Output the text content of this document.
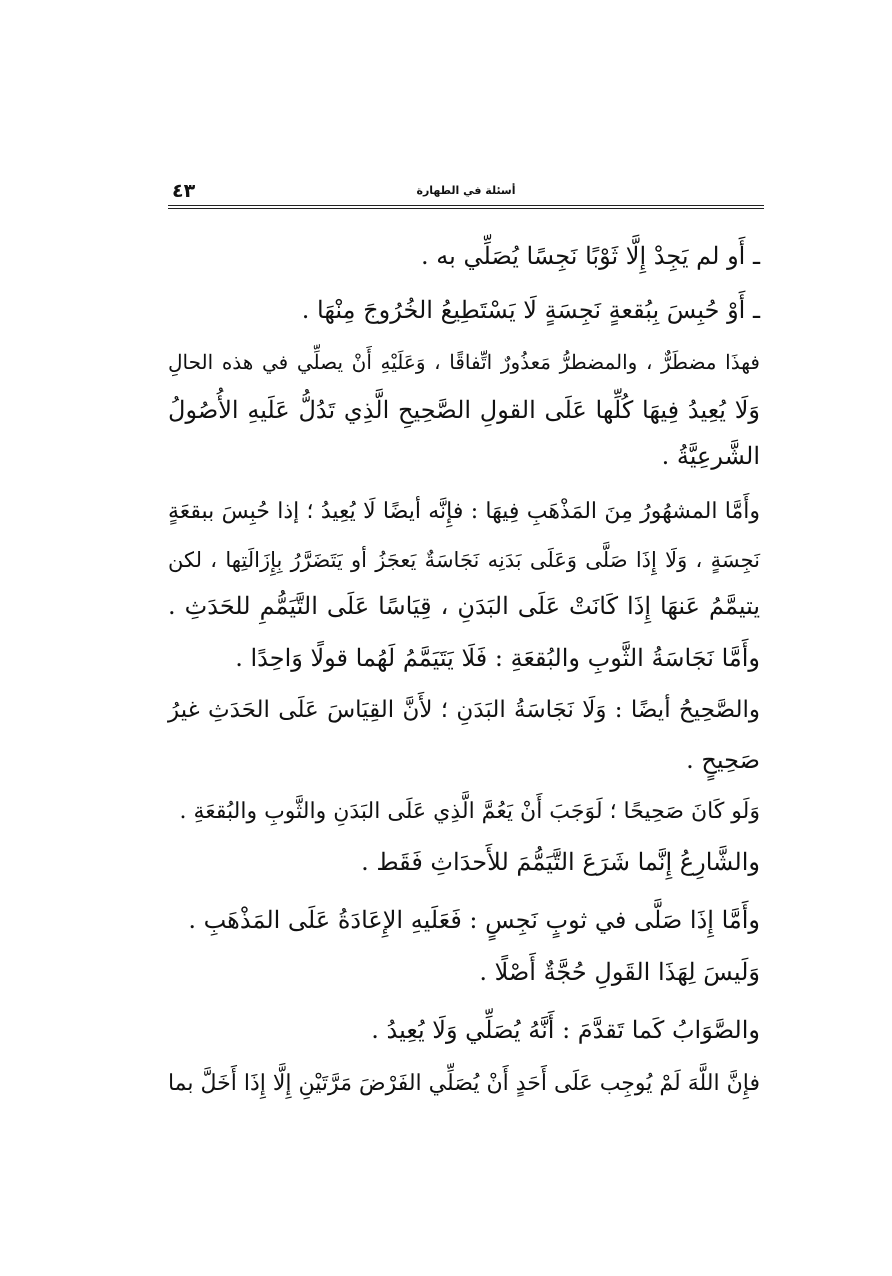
أسئلة في الطهارة
٤٣
ـ أَو لم يَجِدْ إِلَّا ثَوْبًا نَجِسًا يُصَلِّي به .
ـ أَوْ حُبِسَ بِبُقعةٍ نَجِسَةٍ لَا يَسْتَطِيعُ الخُرُوجَ مِنْهَا .
فهذَا مضطَرٌّ ، والمضطرُّ مَعذُورٌ اتِّفاقًا ، وَعَلَيْهِ أَنْ يصلِّي في هذه الحالِ
وَلَا يُعِيدُ فِيهَا كُلِّها عَلَى القولِ الصَّحِيحِ الَّذِي تَدُلُّ عَلَيهِ الأُصُولُ
الشَّرعِيَّةُ .
وأَمَّا المشهُورُ مِنَ المَذْهَبِ فِيهَا : فإِنَّه أيضًا لَا يُعِيدُ ؛ إذا حُبِسَ ببقعَةٍ
نَجِسَةٍ ، وَلَا إِذَا صَلَّى وَعَلَى بَدَنِه نَجَاسَةٌ يَعجَزُ أو يَتَضَرَّرُ بِإِزَالَتِها ، لكن
يتيمَّمُ عَنهَا إِذَا كَانَتْ عَلَى البَدَنِ ، قِيَاسًا عَلَى التَّيَمُّمِ للحَدَثِ .
وأَمَّا نَجَاسَةُ الثَّوبِ والبُقعَةِ : فَلَا يَتَيَمَّمُ لَهُما قولًا وَاحِدًا .
والصَّحِيحُ أيضًا : وَلَا نَجَاسَةُ البَدَنِ ؛ لأَنَّ القِيَاسَ عَلَى الحَدَثِ غيرُ
صَحِيحٍ .
وَلَو كَانَ صَحِيحًا ؛ لَوَجَبَ أَنْ يَعُمَّ الَّذِي عَلَى البَدَنِ والثَّوبِ والبُقعَةِ .
والشَّارِعُ إِنَّما شَرَعَ التَّيَمُّمَ للأَحدَاثِ فَقَط .
وأَمَّا إِذَا صَلَّى في ثوبٍ نَجِسٍ : فَعَلَيهِ الإِعَادَةُ عَلَى المَذْهَبِ .
وَلَيسَ لِهَذَا القَولِ حُجَّةٌ أَصْلًا .
والصَّوَابُ كَما تَقدَّمَ : أَنَّهُ يُصَلِّي وَلَا يُعِيدُ .
فإِنَّ اللَّهَ لَمْ يُوجِب عَلَى أَحَدٍ أَنْ يُصَلِّي الفَرْضَ مَرَّتَيْنِ إِلَّا إِذَا أَخَلَّ بما
